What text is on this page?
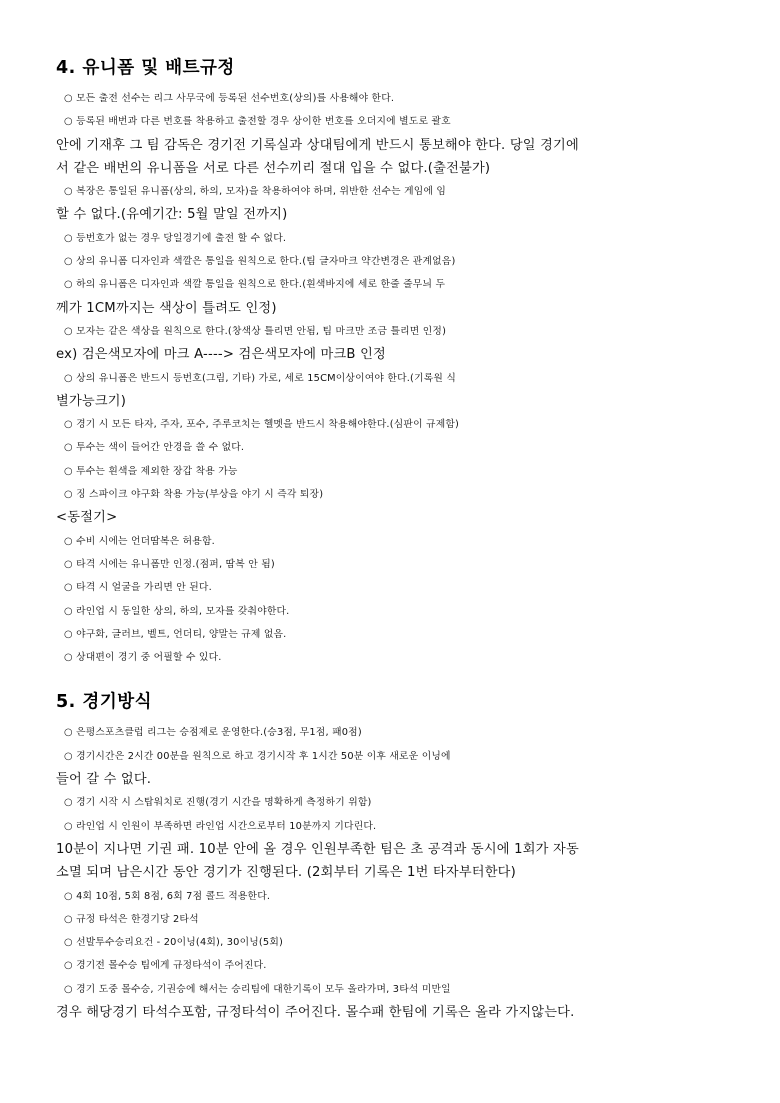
4. 유니폼 및 배트규정

○ 모든 출전 선수는 리그 사무국에 등록된 선수번호(상의)를 사용해야 한다.

○ 등록된 배번과 다른 번호를 착용하고 출전할 경우 상이한 번호를 오더지에 별도로 괄호

안에 기재후 그 팀 감독은 경기전 기록실과 상대팀에게 반드시 통보해야 한다. 당일 경기에

서 같은 배번의 유니폼을 서로 다른 선수끼리 절대 입을 수 없다.(출전불가)

○ 복장은 통일된 유니폼(상의, 하의, 모자)을 착용하여야 하며, 위반한 선수는 게임에 임

할 수 없다.(유예기간: 5월 말일 전까지)

○ 등번호가 없는 경우 당일경기에 출전 할 수 없다.

○ 상의 유니폼 디자인과 색깔은 통일을 원칙으로 한다.(팀 글자마크 약간변경은 관계없음)

○ 하의 유니폼은 디자인과 색깔 통일을 원칙으로 한다.(흰색바지에 세로 한줄 줄무늬 두

께가 1CM까지는 색상이 틀려도 인정)

○ 모자는 같은 색상을 원칙으로 한다.(창색상 틀리면 안됨, 팀 마크만 조금 틀리면 인정)

ex) 검은색모자에 마크 A----> 검은색모자에 마크B 인정

○ 상의 유니폼은 반드시 등번호(그림, 기타) 가로, 세로 15CM이상이여야 한다.(기록원 식

별가능크기)

○ 경기 시 모든 타자, 주자, 포수, 주루코치는 헬멧을 반드시 착용해야한다.(심판이 규제함)

○ 투수는 색이 들어간 안경을 쓸 수 없다.

○ 투수는 흰색을 제외한 장갑 착용 가능

○ 징 스파이크 야구화 착용 가능(부상을 야기 시 즉각 퇴장)

<동절기>

○ 수비 시에는 언더땀복은 허용함.

○ 타격 시에는 유니폼만 인정.(점퍼, 땀복 안 됨)

○ 타격 시 얼굴을 가리면 안 된다.

○ 라인업 시 동일한 상의, 하의, 모자를 갖춰야한다.

○ 야구화, 글러브, 벨트, 언더티, 양말는 규제 없음.

○ 상대편이 경기 중 어필할 수 있다.

5. 경기방식

○ 은평스포츠클럽 리그는 승점제로 운영한다.(승3점, 무1점, 패0점)

○ 경기시간은 2시간 00분을 원칙으로 하고 경기시작 후 1시간 50분 이후 새로운 이닝에

들어 갈 수 없다.

○ 경기 시작 시 스탑워치로 진행(경기 시간을 명확하게 측정하기 위함)

○ 라인업 시 인원이 부족하면 라인업 시간으로부터 10분까지 기다린다.

10분이 지나면 기권 패. 10분 안에 올 경우 인원부족한 팀은 초 공격과 동시에 1회가 자동

소멸 되며 남은시간 동안 경기가 진행된다. (2회부터 기록은 1번 타자부터한다)

○ 4회 10점, 5회 8점, 6회 7점 콜드 적용한다.

○ 규정 타석은 한경기당 2타석

○ 선발투수승리요건 - 20이닝(4회), 30이닝(5회)

○ 경기전 몰수승 팀에게 규정타석이 주어진다.

○ 경기 도중 몰수승, 기권승에 해서는 승리팀에 대한기록이 모두 올라가며, 3타석 미만일

경우 해당경기 타석수포함, 규정타석이 주어진다. 몰수패 한팀에 기록은 올라 가지않는다.
